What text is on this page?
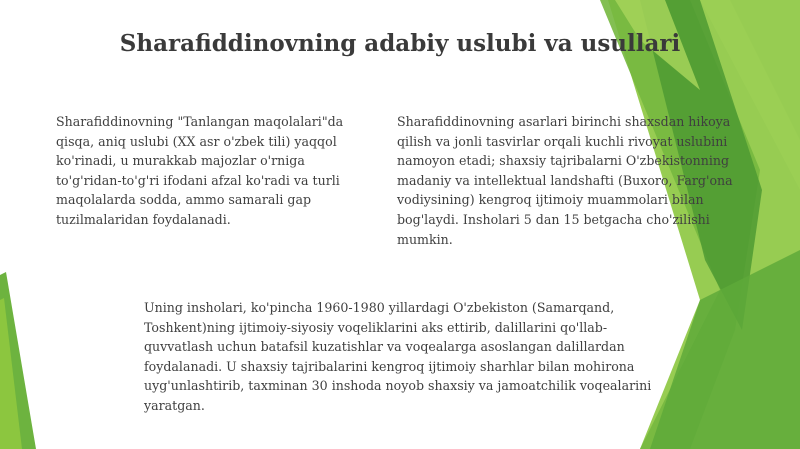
Sharafiddinovning adabiy uslubi va usullari

Sharafiddinovning "Tanlangan maqolalari"da qisqa, aniq uslubi (XX asr o'zbek tili) yaqqol ko'rinadi, u murakkab majozlar o'rniga to'g'ridan-to'g'ri ifodani afzal ko'radi va turli maqolalarda sodda, ammo samarali gap tuzilmalaridan foydalanadi.

Sharafiddinovning asarlari birinchi shaxsdan hikoya qilish va jonli tasvirlar orqali kuchli rivoyat uslubini namoyon etadi; shaxsiy tajribalarni O'zbekistonning madaniy va intellektual landshafti (Buxoro, Farg'ona vodiysining) kengroq ijtimoiy muammolari bilan bog'laydi. Insholari 5 dan 15 betgacha cho'zilishi mumkin.

Uning insholari, ko'pincha 1960-1980 yillardagi O'zbekiston (Samarqand, Toshkent)ning ijtimoiy-siyosiy voqeliklarini aks ettirib, dalillarini qo'llab-quvvatlash uchun batafsil kuzatishlar va voqealarga asoslangan dalillardan foydalanadi. U shaxsiy tajribalarini kengroq ijtimoiy sharhlar bilan mohirona uyg'unlashtirib, taxminan 30 inshoda noyob shaxsiy va jamoatchilik voqealarini yaratgan.
